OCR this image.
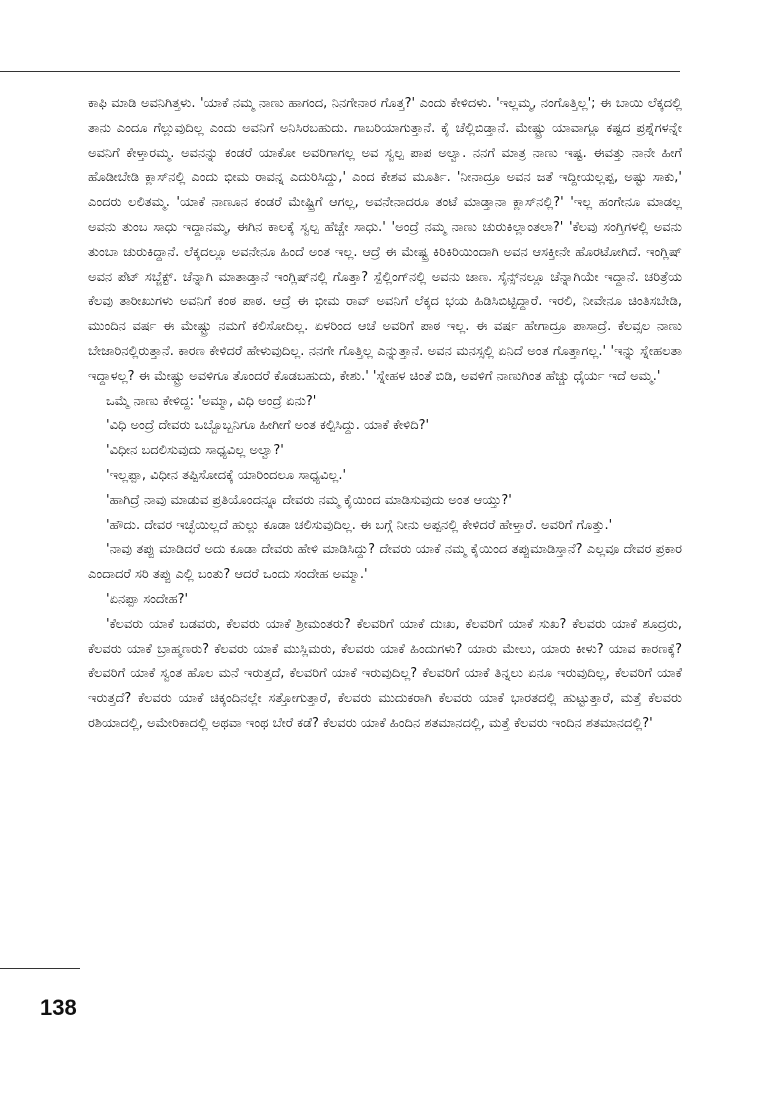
ಕಾಫಿ ಮಾಡಿ ಅವನಿಗಿತ್ತಳು. 'ಯಾಕೆ ನಮ್ಮ ನಾಣು ಹಾಗಂದ, ನಿನಗೇನಾರ ಗೊತ್ತ?' ಎಂದು ಕೇಳಿದಳು. 'ಇಲ್ಲಮ್ಮ, ನಂಗೊತ್ತಿಲ್ಲ'; ಈ ಬಾಯಿ ಲೆಕ್ಕದಲ್ಲಿ ತಾನು ಎಂದೂ ಗೆಲ್ಲುವುದಿಲ್ಲ ಎಂದು ಅವನಿಗೆ ಅನಿಸಿರಬಹುದು. ಗಾಬರಿಯಾಗುತ್ತಾನೆ. ಕೈ ಚೆಲ್ಲಿಬಿಡ್ತಾನೆ. ಮೇಷ್ಟ್ರು ಯಾವಾಗ್ಲೂ ಕಷ್ಟದ ಪ್ರಶ್ನೆಗಳನ್ನೇ ಅವನಿಗೆ ಕೇಳ್ತಾರಮ್ಮ. ಅವನನ್ನು ಕಂಡರೆ ಯಾಕೋ ಅವರಿಗಾಗಲ್ಲ ಅವ ಸ್ವಲ್ಪ ಪಾಪ ಅಲ್ವಾ. ನನಗೆ ಮಾತ್ರ ನಾಣು ಇಷ್ಟ. ಈವತ್ತು ನಾನೇ ಹೀಗೆ ಹೊಡೀಬೇಡಿ ಕ್ಲಾಸ್‌ನಲ್ಲಿ ಎಂದು ಭೀಮ ರಾವನ್ನ ಎದುರಿಸಿದ್ದು,' ಎಂದ ಕೇಶವ ಮೂರ್ತಿ. 'ನೀನಾದ್ರೂ ಅವನ ಜತೆ ಇದ್ದೀಯಲ್ಲಪ್ಪ, ಅಷ್ಟು ಸಾಕು,' ಎಂದರು ಲಲಿತಮ್ಮ. 'ಯಾಕೆ ನಾಣೂನ ಕಂಡರೆ ಮೇಷ್ಟ್ರಿಗೆ ಆಗಲ್ಲ, ಅವನೇನಾದರೂ ತಂಟೆ ಮಾಡ್ತಾನಾ ಕ್ಲಾಸ್‌ನಲ್ಲಿ?' 'ಇಲ್ಲ ಹಂಗೇನೂ ಮಾಡಲ್ಲ ಅವನು ತುಂಬ ಸಾಧು ಇದ್ದಾನಮ್ಮ, ಈಗಿನ ಕಾಲಕ್ಕೆ ಸ್ವಲ್ಪ ಹೆಚ್ಚೇ ಸಾಧು.' 'ಅಂದ್ರೆ ನಮ್ಮ ನಾಣು ಚುರುಕಿಲ್ಲಾಂತಲಾ?' 'ಕೆಲವು ಸಂಗ್ತಿಗಳಲ್ಲಿ ಅವನು ತುಂಬಾ ಚುರುಕಿದ್ದಾನೆ. ಲೆಕ್ಕದಲ್ಲೂ ಅವನೇನೂ ಹಿಂದೆ ಅಂತ ಇಲ್ಲ. ಆದ್ರೆ ಈ ಮೇಷ್ಟ್ರ ಕಿರಿಕಿರಿಯಿಂದಾಗಿ ಅವನ ಆಸಕ್ತೀನೇ ಹೊರಟೋಗಿದೆ. ಇಂಗ್ಲಿಷ್ ಅವನ ಪೆಟ್ ಸಬ್ಜೆಕ್ಟ್. ಚೆನ್ನಾಗಿ ಮಾತಾಡ್ತಾನೆ ಇಂಗ್ಲಿಷ್‌ನಲ್ಲಿ ಗೊತ್ತಾ? ಸ್ಪೆಲ್ಲಿಂಗ್‌ನಲ್ಲಿ ಅವನು ಜಾಣ. ಸೈನ್ಸ್‌ನಲ್ಲೂ ಚೆನ್ನಾಗಿಯೇ ಇದ್ದಾನೆ. ಚರಿತ್ರೆಯ ಕೆಲವು ತಾರೀಖುಗಳು ಅವನಿಗೆ ಕಂಠ ಪಾಠ. ಆದ್ರೆ ಈ ಭೀಮ ರಾವ್ ಅವನಿಗೆ ಲೆಕ್ಕದ ಭಯ ಹಿಡಿಸಿಬಿಟ್ಟಿದ್ದಾರೆ. ಇರಲಿ, ನೀವೇನೂ ಚಿಂತಿಸಬೇಡಿ, ಮುಂದಿನ ವರ್ಷ ಈ ಮೇಷ್ಟ್ರು ನಮಗೆ ಕಲಿಸೋದಿಲ್ಲ. ಏಳರಿಂದ ಆಚೆ ಅವರಿಗೆ ಪಾಠ ಇಲ್ಲ. ಈ ವರ್ಷ ಹೇಗಾದ್ರೂ ಪಾಸಾದ್ರೆ. ಕೆಲವ್ಸಲ ನಾಣು ಬೇಜಾರಿನಲ್ಲಿರುತ್ತಾನೆ. ಕಾರಣ ಕೇಳಿದರೆ ಹೇಳುವುದಿಲ್ಲ. ನನಗೇ ಗೊತ್ತಿಲ್ಲ ಎನ್ನುತ್ತಾನೆ. ಅವನ ಮನಸ್ಸಲ್ಲಿ ಏನಿದೆ ಅಂತ ಗೊತ್ತಾಗಲ್ಲ.' 'ಇನ್ನು ಸ್ನೇಹಲತಾ ಇದ್ದಾಳಲ್ಲ? ಈ ಮೇಷ್ಟ್ರು ಅವಳಿಗೂ ತೊಂದರೆ ಕೊಡಬಹುದು, ಕೇಶು.' 'ಸ್ನೇಹಳ ಚಿಂತೆ ಬಿಡಿ, ಅವಳಿಗೆ ನಾಣುಗಿಂತ ಹೆಚ್ಚು ಧೈರ್ಯ ಇದೆ ಅಮ್ಮ.'

ಒಮ್ಮೆ ನಾಣು ಕೇಳಿದ್ದ: 'ಅಮ್ಮಾ, ವಿಧಿ ಅಂದ್ರೆ ಏನು?'

'ವಿಧಿ ಅಂದ್ರೆ ದೇವರು ಒಬ್ಬೊಬ್ಬನಿಗೂ ಹೀಗೀಗೆ ಅಂತ ಕಲ್ಪಿಸಿದ್ದು. ಯಾಕೆ ಕೇಳಿದಿ?'

'ವಿಧೀನ ಬದಲಿಸುವುದು ಸಾಧ್ಯವಿಲ್ಲ ಅಲ್ವಾ?'

'ಇಲ್ಲಪ್ಪಾ, ವಿಧೀನ ತಪ್ಪಿಸೋದಕ್ಕೆ ಯಾರಿಂದಲೂ ಸಾಧ್ಯವಿಲ್ಲ.'

'ಹಾಗಿದ್ರೆ ನಾವು ಮಾಡುವ ಪ್ರತಿಯೊಂದನ್ನೂ ದೇವರು ನಮ್ಮ ಕೈಯಿಂದ ಮಾಡಿಸುವುದು ಅಂತ ಆಯ್ತು?'

'ಹೌದು. ದೇವರ ಇಚ್ಛೆಯಿಲ್ಲದೆ ಹುಲ್ಲು ಕೂಡಾ ಚಲಿಸುವುದಿಲ್ಲ. ಈ ಬಗ್ಗೆ ನೀನು ಅಪ್ಪನಲ್ಲಿ ಕೇಳಿದರೆ ಹೇಳ್ತಾರೆ. ಅವರಿಗೆ ಗೊತ್ತು.'

'ನಾವು ತಪ್ಪು ಮಾಡಿದರೆ ಅದು ಕೂಡಾ ದೇವರು ಹೇಳಿ ಮಾಡಿಸಿದ್ದು? ದೇವರು ಯಾಕೆ ನಮ್ಮ ಕೈಯಿಂದ ತಪ್ಪುಮಾಡಿಸ್ತಾನೆ? ಎಲ್ಲವೂ ದೇವರ ಪ್ರಕಾರ ಎಂದಾದರೆ ಸರಿ ತಪ್ಪು ಎಲ್ಲಿ ಬಂತು? ಆದರೆ ಒಂದು ಸಂದೇಹ ಅಮ್ಮಾ.'

'ಏನಪ್ಪಾ ಸಂದೇಹ?'

'ಕೆಲವರು ಯಾಕೆ ಬಡವರು, ಕೆಲವರು ಯಾಕೆ ಶ್ರೀಮಂತರು? ಕೆಲವರಿಗೆ ಯಾಕೆ ದುಃಖ, ಕೆಲವರಿಗೆ ಯಾಕೆ ಸುಖ? ಕೆಲವರು ಯಾಕೆ ಶೂದ್ರರು, ಕೆಲವರು ಯಾಕೆ ಬ್ರಾಹ್ಮಣರು? ಕೆಲವರು ಯಾಕೆ ಮುಸ್ಲಿಮರು, ಕೆಲವರು ಯಾಕೆ ಹಿಂದುಗಳು? ಯಾರು ಮೇಲು, ಯಾರು ಕೀಳು? ಯಾವ ಕಾರಣಕ್ಕೆ? ಕೆಲವರಿಗೆ ಯಾಕೆ ಸ್ವಂತ ಹೊಲ ಮನೆ ಇರುತ್ತದೆ, ಕೆಲವರಿಗೆ ಯಾಕೆ ಇರುವುದಿಲ್ಲ? ಕೆಲವರಿಗೆ ಯಾಕೆ ತಿನ್ನಲು ಏನೂ ಇರುವುದಿಲ್ಲ, ಕೆಲವರಿಗೆ ಯಾಕೆ ಇರುತ್ತದೆ? ಕೆಲವರು ಯಾಕೆ ಚಿಕ್ಕಂದಿನಲ್ಲೇ ಸತ್ತೋಗುತ್ತಾರೆ, ಕೆಲವರು ಮುದುಕರಾಗಿ ಕೆಲವರು ಯಾಕೆ ಭಾರತದಲ್ಲಿ ಹುಟ್ಟುತ್ತಾರೆ, ಮತ್ತೆ ಕೆಲವರು ರಶಿಯಾದಲ್ಲಿ, ಅಮೇರಿಕಾದಲ್ಲಿ ಅಥವಾ ಇಂಥ ಬೇರೆ ಕಡೆ? ಕೆಲವರು ಯಾಕೆ ಹಿಂದಿನ ಶತಮಾನದಲ್ಲಿ, ಮತ್ತೆ ಕೆಲವರು ಇಂದಿನ ಶತಮಾನದಲ್ಲಿ?'

138
